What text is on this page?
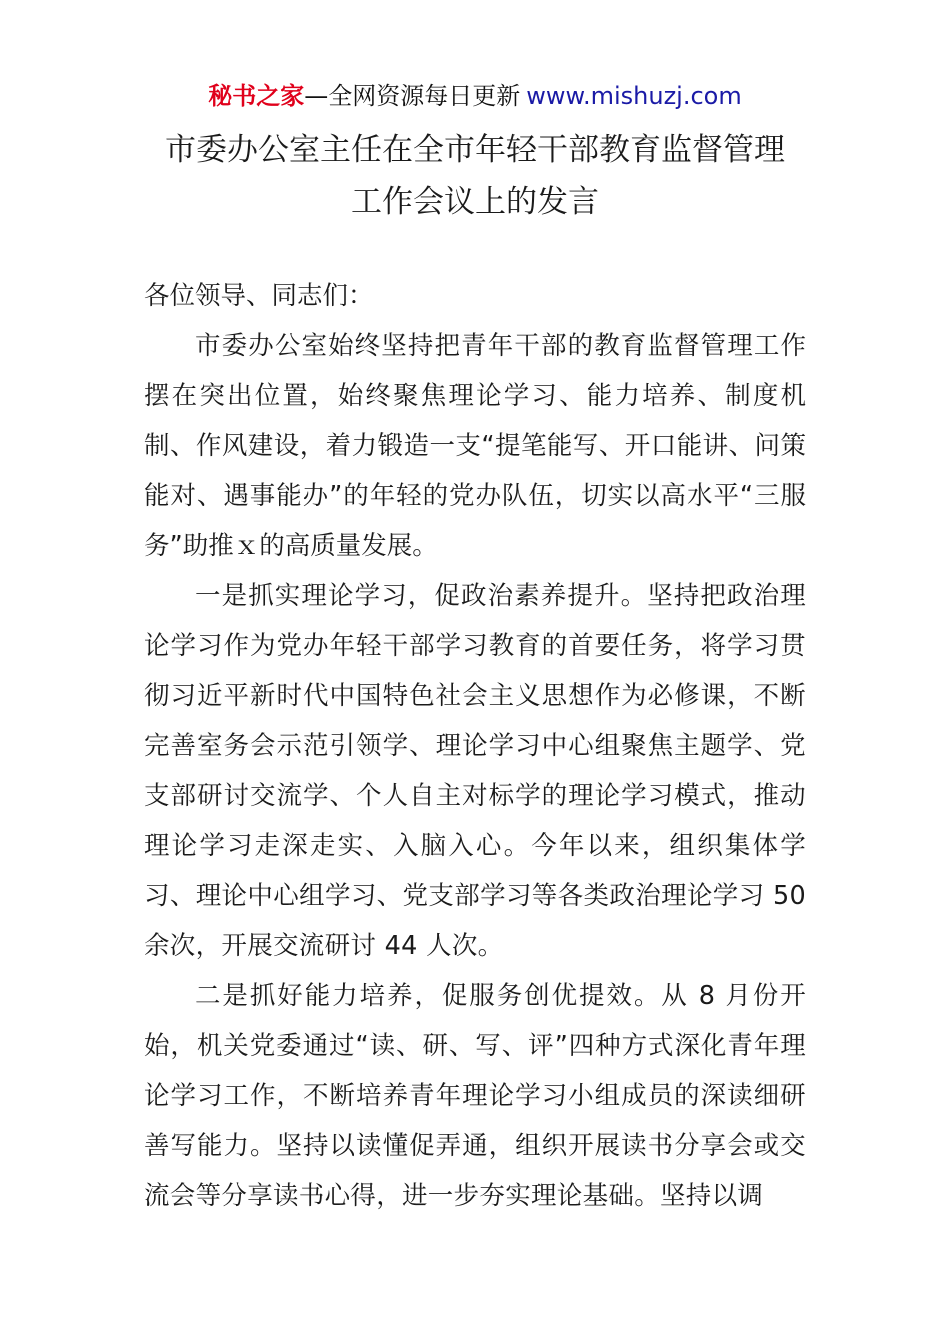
秘书之家—全网资源每日更新 www.mishuzj.com
市委办公室主任在全市年轻干部教育监督管理
工作会议上的发言

各位领导、同志们：

市委办公室始终坚持把青年干部的教育监督管理工作摆在突出位置，始终聚焦理论学习、能力培养、制度机制、作风建设，着力锻造一支“提笔能写、开口能讲、问策能对、遇事能办”的年轻的党办队伍，切实以高水平“三服务”助推ｘ的高质量发展。

一是抓实理论学习，促政治素养提升。坚持把政治理论学习作为党办年轻干部学习教育的首要任务，将学习贯彻习近平新时代中国特色社会主义思想作为必修课，不断完善室务会示范引领学、理论学习中心组聚焦主题学、党支部研讨交流学、个人自主对标学的理论学习模式，推动理论学习走深走实、入脑入心。今年以来，组织集体学习、理论中心组学习、党支部学习等各类政治理论学习 50 余次，开展交流研讨 44 人次。

二是抓好能力培养，促服务创优提效。从 8 月份开始，机关党委通过“读、研、写、评”四种方式深化青年理论学习工作，不断培养青年理论学习小组成员的深读细研善写能力。坚持以读懂促弄通，组织开展读书分享会或交流会等分享读书心得，进一步夯实理论基础。坚持以调
